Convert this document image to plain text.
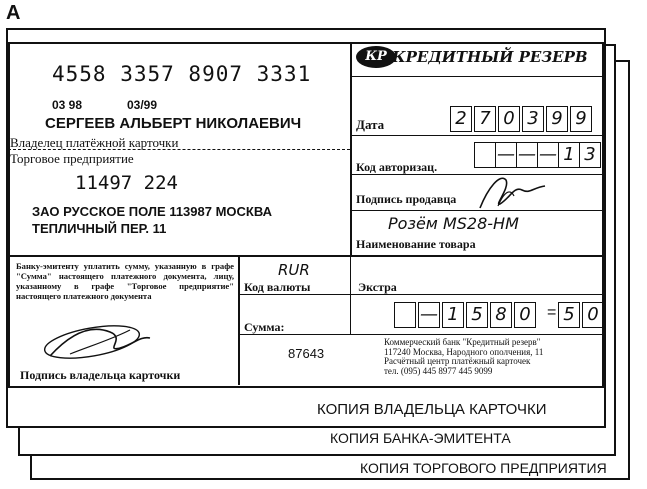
A
КОПИЯ ТОРГОВОГО ПРЕДПРИЯТИЯ
КОПИЯ БАНКА-ЭМИТЕНТА
КОПИЯ ВЛАДЕЛЬЦА КАРТОЧКИ
4558 3357 8907 3331
03 98	03/99
СЕРГЕЕВ АЛЬБЕРТ НИКОЛАЕВИЧ
Владелец платёжной карточки
Торговое предприятие
11497 224
ЗАО РУССКОЕ ПОЛЕ 113987 МОСКВА
ТЕПЛИЧНЫЙ ПЕР. 11
КР КРЕДИТНЫЙ РЕЗЕРВ
Дата	2 7 0 3 9 9
Код авторизац.
— — — 1 3
Подпись продавца
Розём MS28-HM
Наименование товара
Банку-эмитенту уплатить сумму, указанную в графе "Сумма" настоящего платежного документа, лицу, указанному в графе "Торговое предприятие" настоящего платежного документа
Подпись владельца карточки
RUR
Код валюты	Экстра
Сумма:
— 1 5 8 0	= 5 0
87643
Коммерческий банк "Кредитный резерв"
117240 Москва, Народного ополчения, 11
Расчётный центр платёжный карточек
тел. (095) 445 8977 445 9099
